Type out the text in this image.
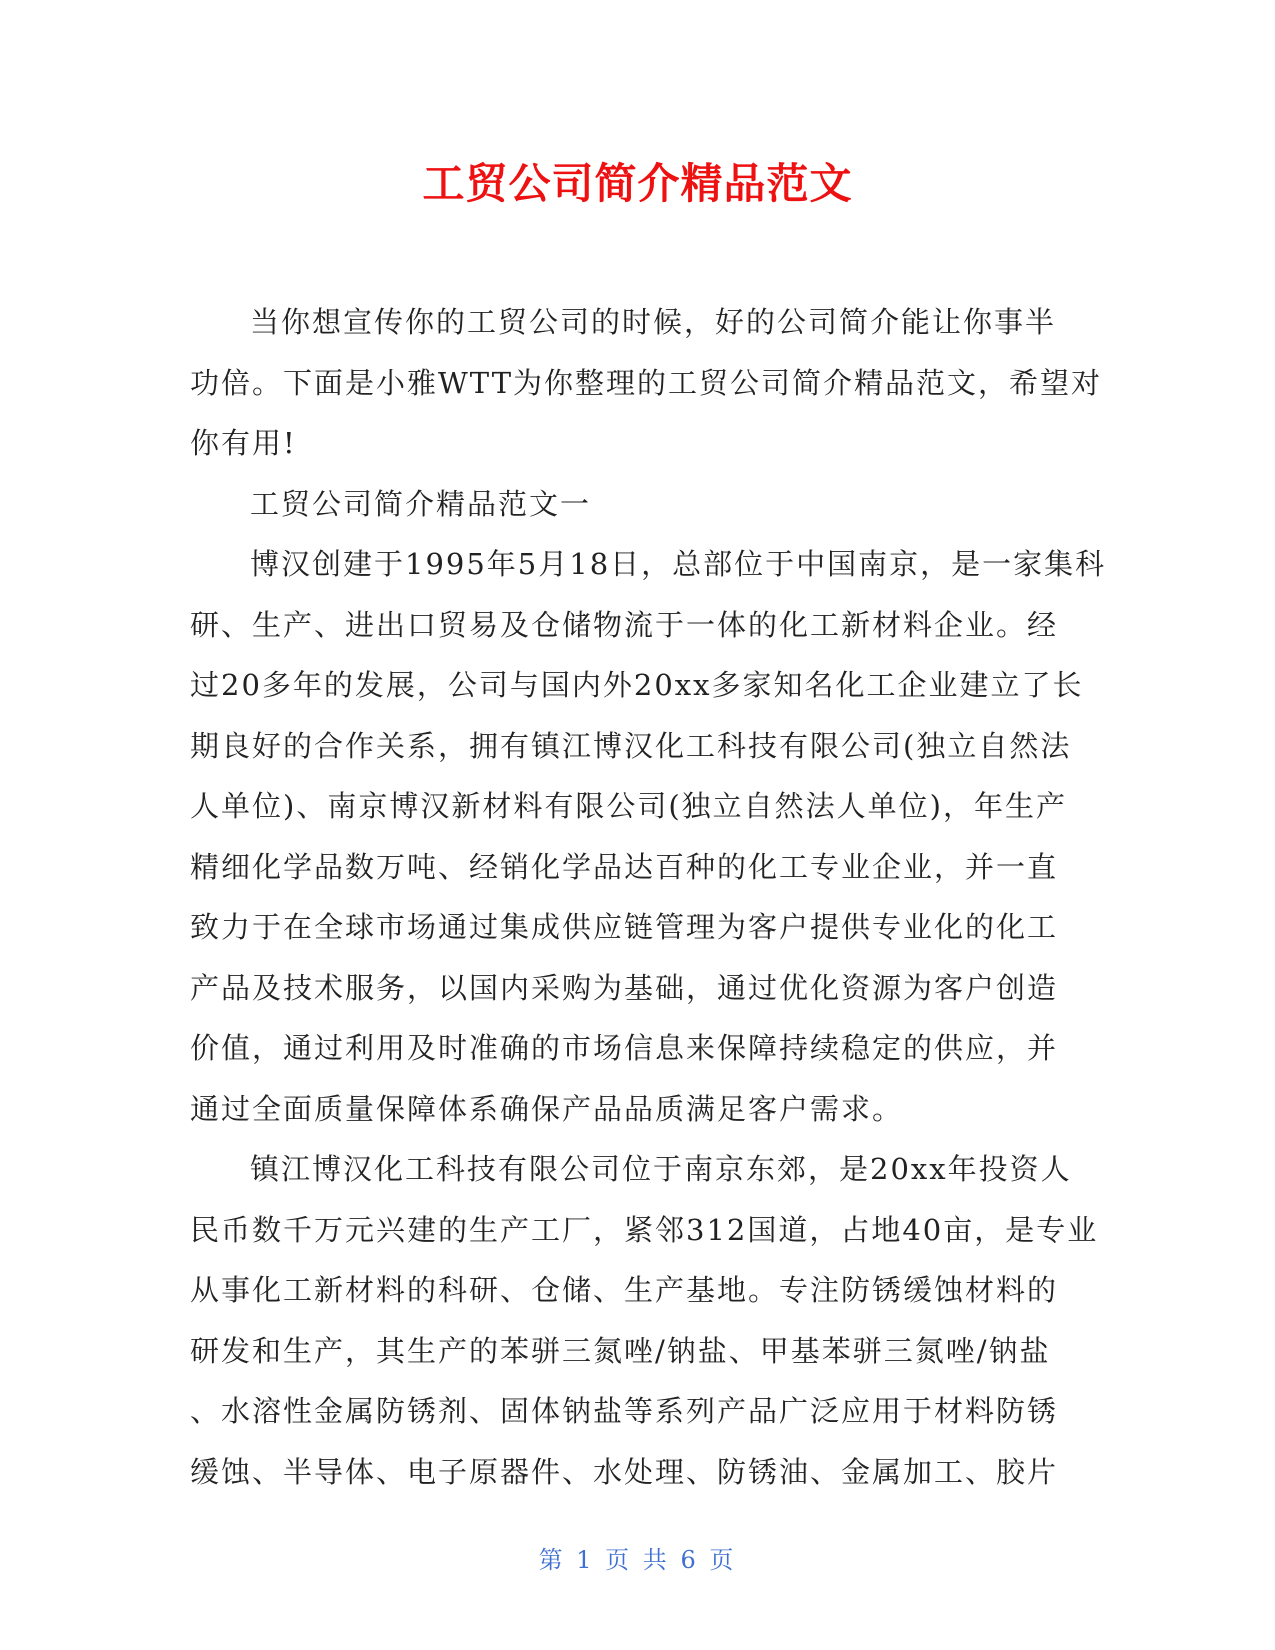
工贸公司简介精品范文

当你想宣传你的工贸公司的时候，好的公司简介能让你事半

功倍。下面是小雅WTT为你整理的工贸公司简介精品范文，希望对

你有用!

工贸公司简介精品范文一

博汉创建于1995年5月18日，总部位于中国南京，是一家集科

研、生产、进出口贸易及仓储物流于一体的化工新材料企业。经

过20多年的发展，公司与国内外20xx多家知名化工企业建立了长

期良好的合作关系，拥有镇江博汉化工科技有限公司(独立自然法

人单位)、南京博汉新材料有限公司(独立自然法人单位)，年生产

精细化学品数万吨、经销化学品达百种的化工专业企业，并一直

致力于在全球市场通过集成供应链管理为客户提供专业化的化工

产品及技术服务，以国内采购为基础，通过优化资源为客户创造

价值，通过利用及时准确的市场信息来保障持续稳定的供应，并

通过全面质量保障体系确保产品品质满足客户需求。

镇江博汉化工科技有限公司位于南京东郊，是20xx年投资人

民币数千万元兴建的生产工厂，紧邻312国道，占地40亩，是专业

从事化工新材料的科研、仓储、生产基地。专注防锈缓蚀材料的

研发和生产，其生产的苯骈三氮唑/钠盐、甲基苯骈三氮唑/钠盐

、水溶性金属防锈剂、固体钠盐等系列产品广泛应用于材料防锈

缓蚀、半导体、电子原器件、水处理、防锈油、金属加工、胶片

第 1 页 共 6 页
